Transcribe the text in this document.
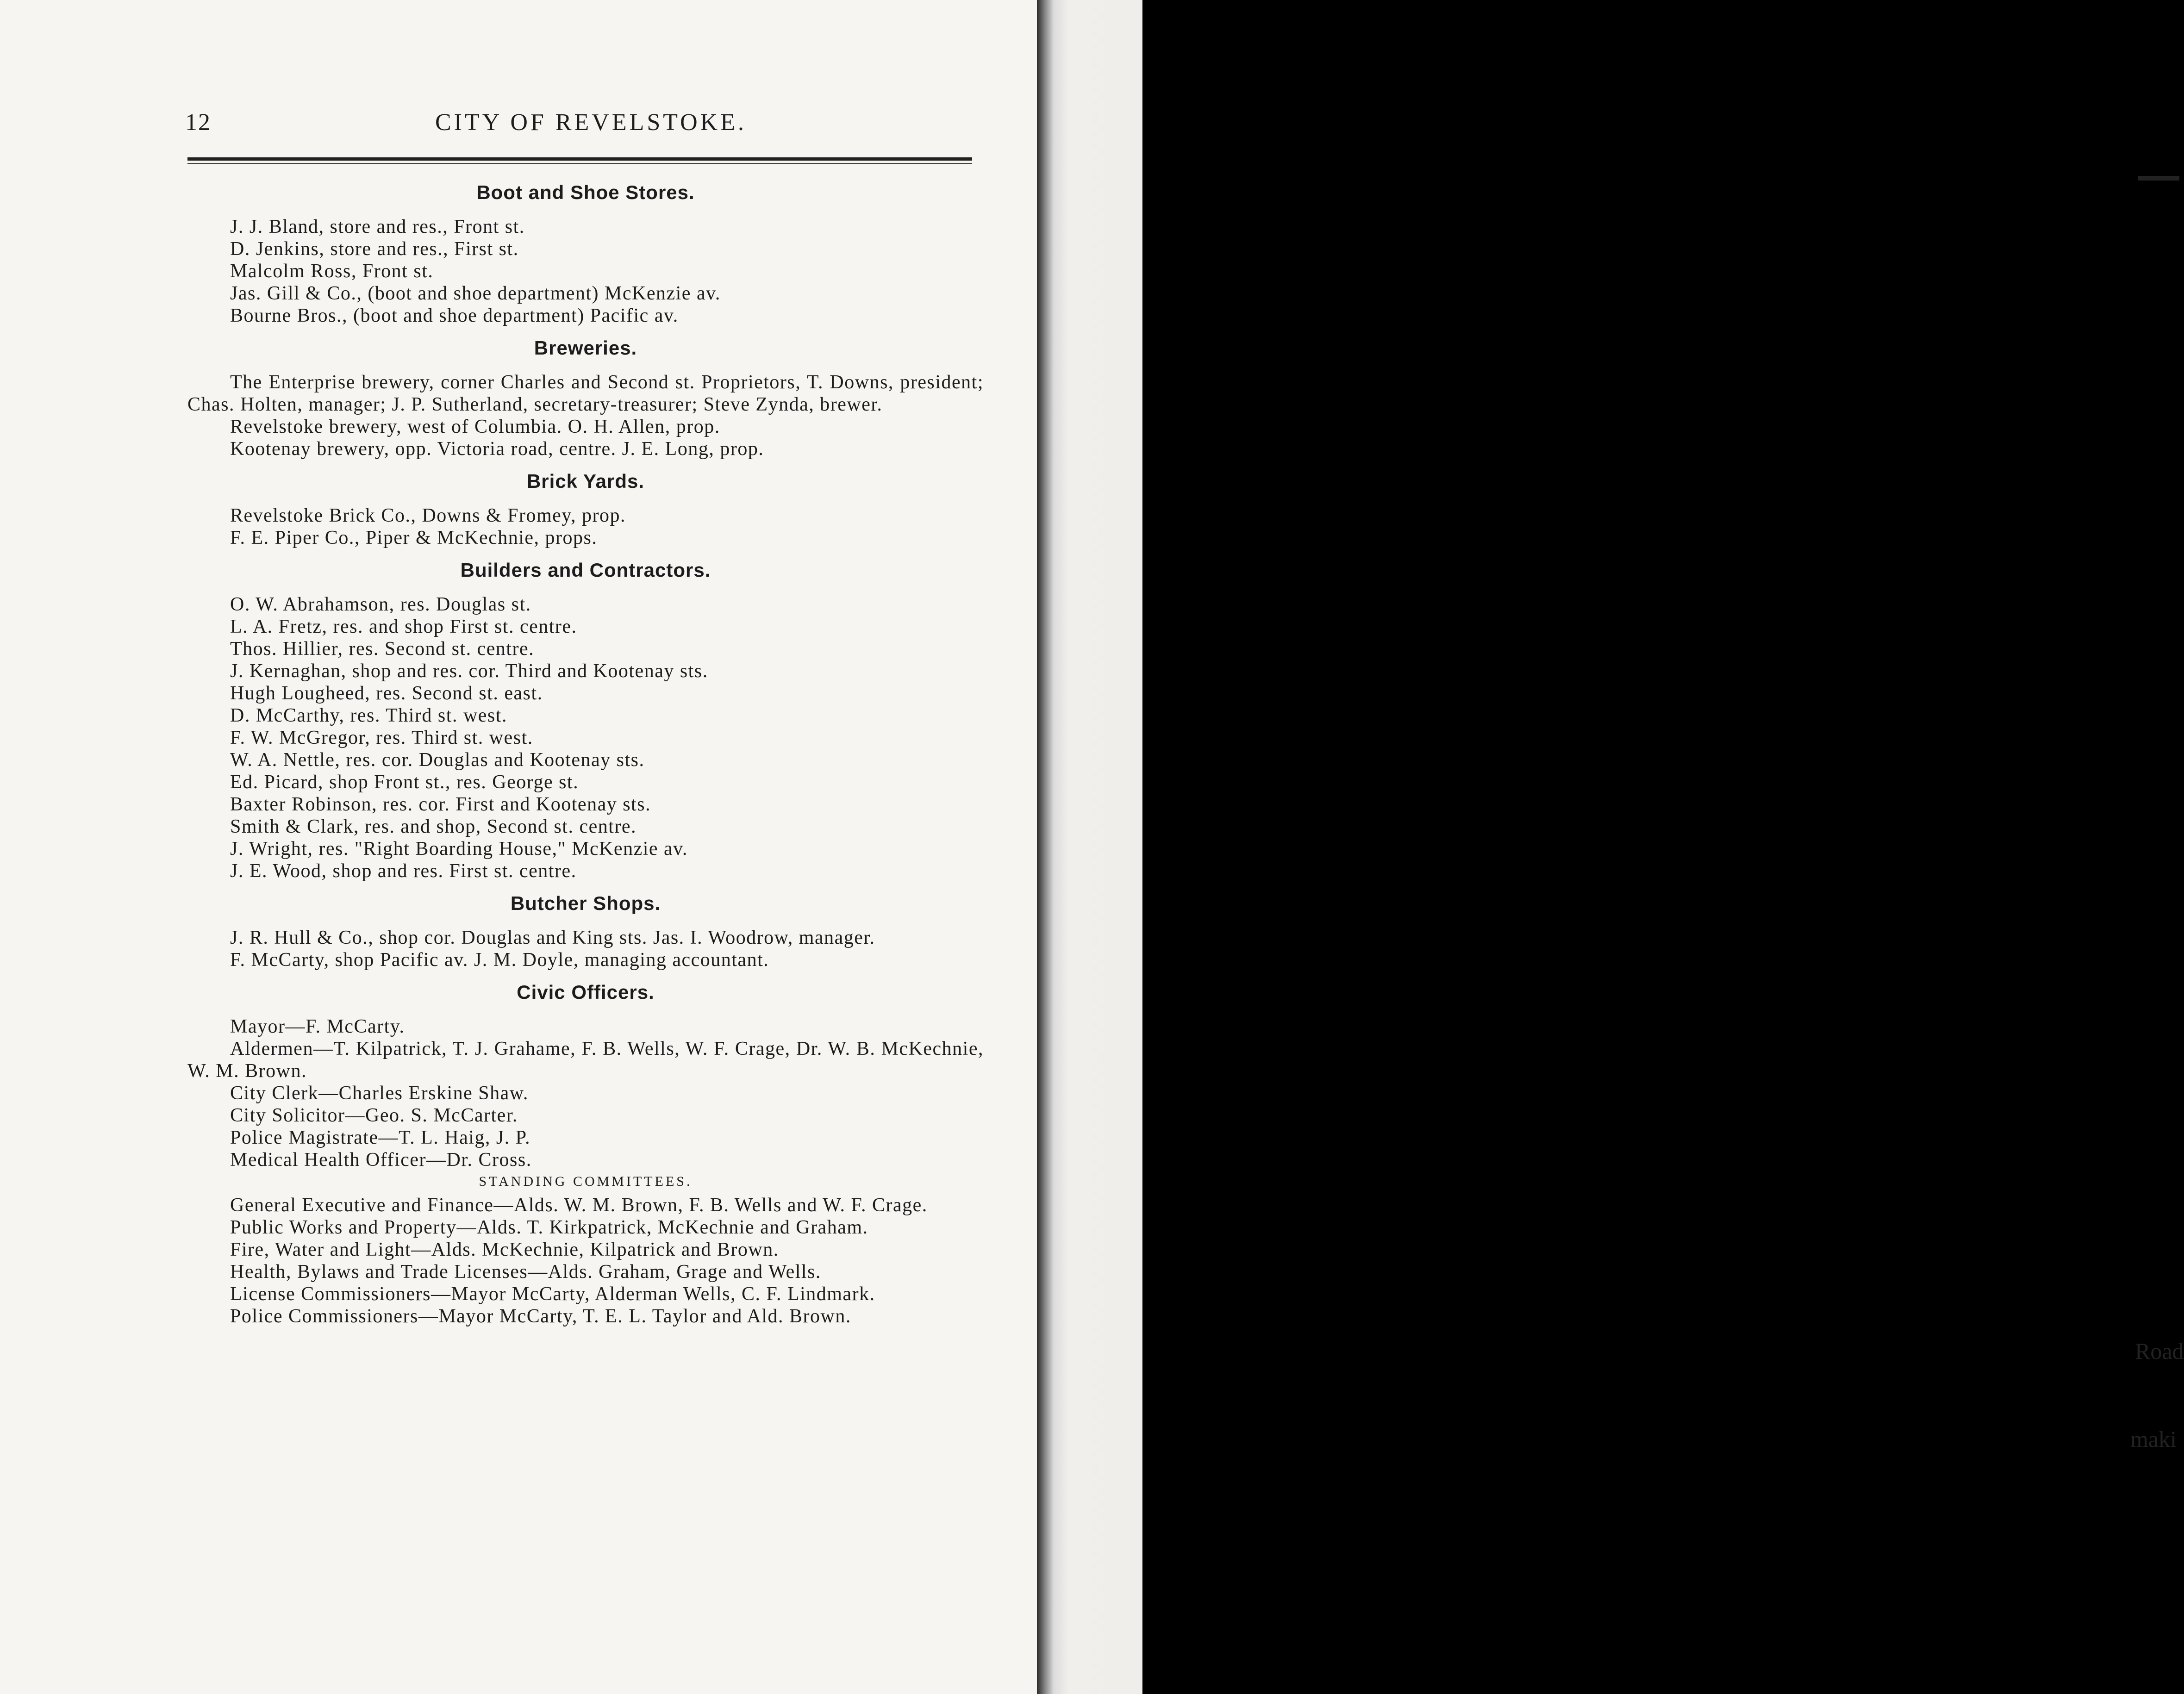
12	CITY OF REVELSTOKE.
Boot and Shoe Stores.

J. J. Bland, store and res., Front st.

D. Jenkins, store and res., First st.

Malcolm Ross, Front st.

Jas. Gill & Co., (boot and shoe department) McKenzie av.

Bourne Bros., (boot and shoe department) Pacific av.

Breweries.

The Enterprise brewery, corner Charles and Second st. Proprietors, T. Downs, president; Chas. Holten, manager; J. P. Sutherland, secretary-treasurer; Steve Zynda, brewer.

Revelstoke brewery, west of Columbia. O. H. Allen, prop.

Kootenay brewery, opp. Victoria road, centre. J. E. Long, prop.

Brick Yards.

Revelstoke Brick Co., Downs & Fromey, prop.

F. E. Piper Co., Piper & McKechnie, props.

Builders and Contractors.

O. W. Abrahamson, res. Douglas st.

L. A. Fretz, res. and shop First st. centre.

Thos. Hillier, res. Second st. centre.

J. Kernaghan, shop and res. cor. Third and Kootenay sts.

Hugh Lougheed, res. Second st. east.

D. McCarthy, res. Third st. west.

F. W. McGregor, res. Third st. west.

W. A. Nettle, res. cor. Douglas and Kootenay sts.

Ed. Picard, shop Front st., res. George st.

Baxter Robinson, res. cor. First and Kootenay sts.

Smith & Clark, res. and shop, Second st. centre.

J. Wright, res. "Right Boarding House," McKenzie av.

J. E. Wood, shop and res. First st. centre.

Butcher Shops.

J. R. Hull & Co., shop cor. Douglas and King sts. Jas. I. Woodrow, manager.

F. McCarty, shop Pacific av. J. M. Doyle, managing accountant.

Civic Officers.

Mayor—F. McCarty.

Aldermen—T. Kilpatrick, T. J. Grahame, F. B. Wells, W. F. Crage, Dr. W. B. McKechnie, W. M. Brown.

City Clerk—Charles Erskine Shaw.

City Solicitor—Geo. S. McCarter.

Police Magistrate—T. L. Haig, J. P.

Medical Health Officer—Dr. Cross.

STANDING COMMITTEES.

General Executive and Finance—Alds. W. M. Brown, F. B. Wells and W. F. Crage.

Public Works and Property—Alds. T. Kirkpatrick, McKechnie and Graham.

Fire, Water and Light—Alds. McKechnie, Kilpatrick and Brown.

Health, Bylaws and Trade Licenses—Alds. Graham, Grage and Wells.

License Commissioners—Mayor McCarty, Alderman Wells, C. F. Lindmark.

Police Commissioners—Mayor McCarty, T. E. L. Taylor and Ald. Brown.

Road
maki
